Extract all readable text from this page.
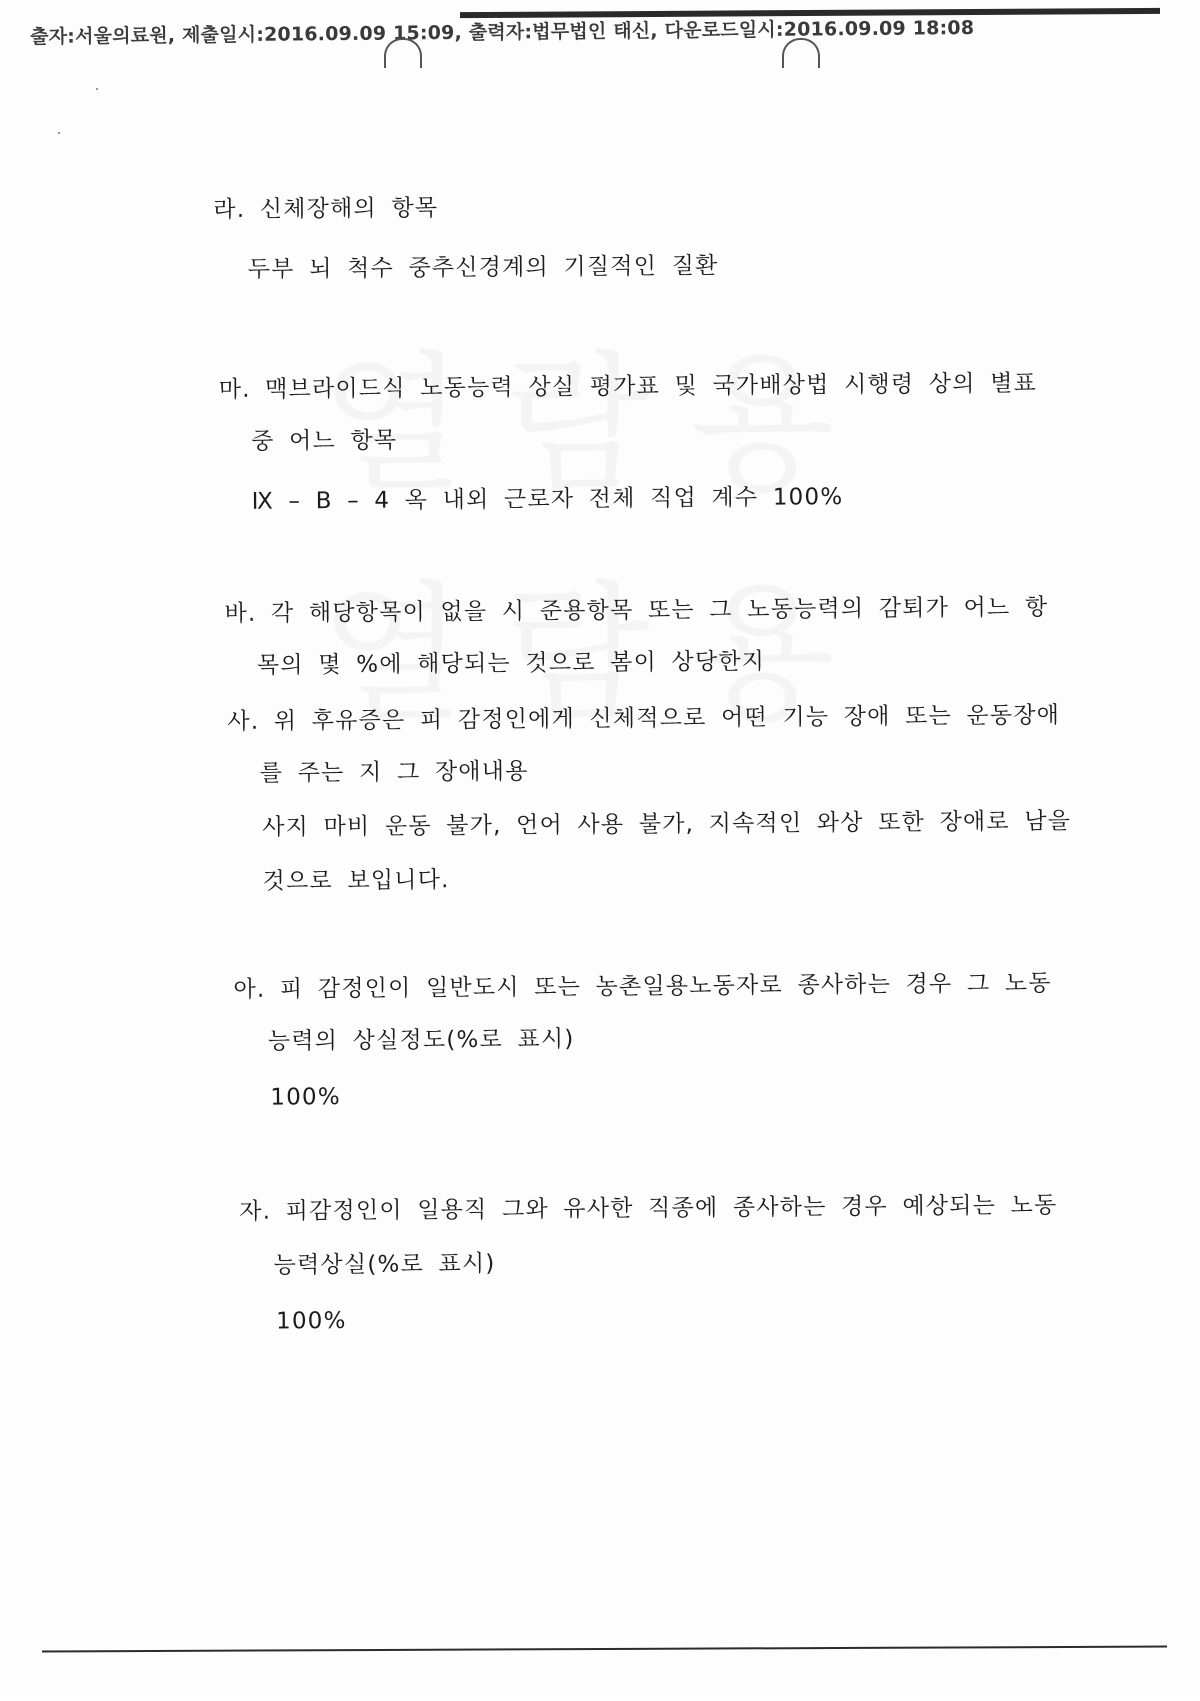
출자:서울의료원, 제출일시:2016.09.09 15:09, 출력자:법무법인 태신, 다운로드일시:2016.09.09 18:08
라. 신체장해의 항목
두부 뇌 척수 중추신경계의 기질적인 질환
마. 맥브라이드식 노동능력 상실 평가표 및 국가배상법 시행령 상의 별표
중 어느 항목
Ⅸ – B – 4 옥 내외 근로자 전체 직업 계수 100%
바. 각 해당항목이 없을 시 준용항목 또는 그 노동능력의 감퇴가 어느 항
목의 몇 %에 해당되는 것으로 봄이 상당한지
사. 위 후유증은 피 감정인에게 신체적으로 어떤 기능 장애 또는 운동장애
를 주는 지 그 장애내용
사지 마비 운동 불가, 언어 사용 불가, 지속적인 와상 또한 장애로 남을
것으로 보입니다.
아. 피 감정인이 일반도시 또는 농촌일용노동자로 종사하는 경우 그 노동
능력의 상실정도(%로 표시)
100%
자. 피감정인이 일용직 그와 유사한 직종에 종사하는 경우 예상되는 노동
능력상실(%로 표시)
100%
